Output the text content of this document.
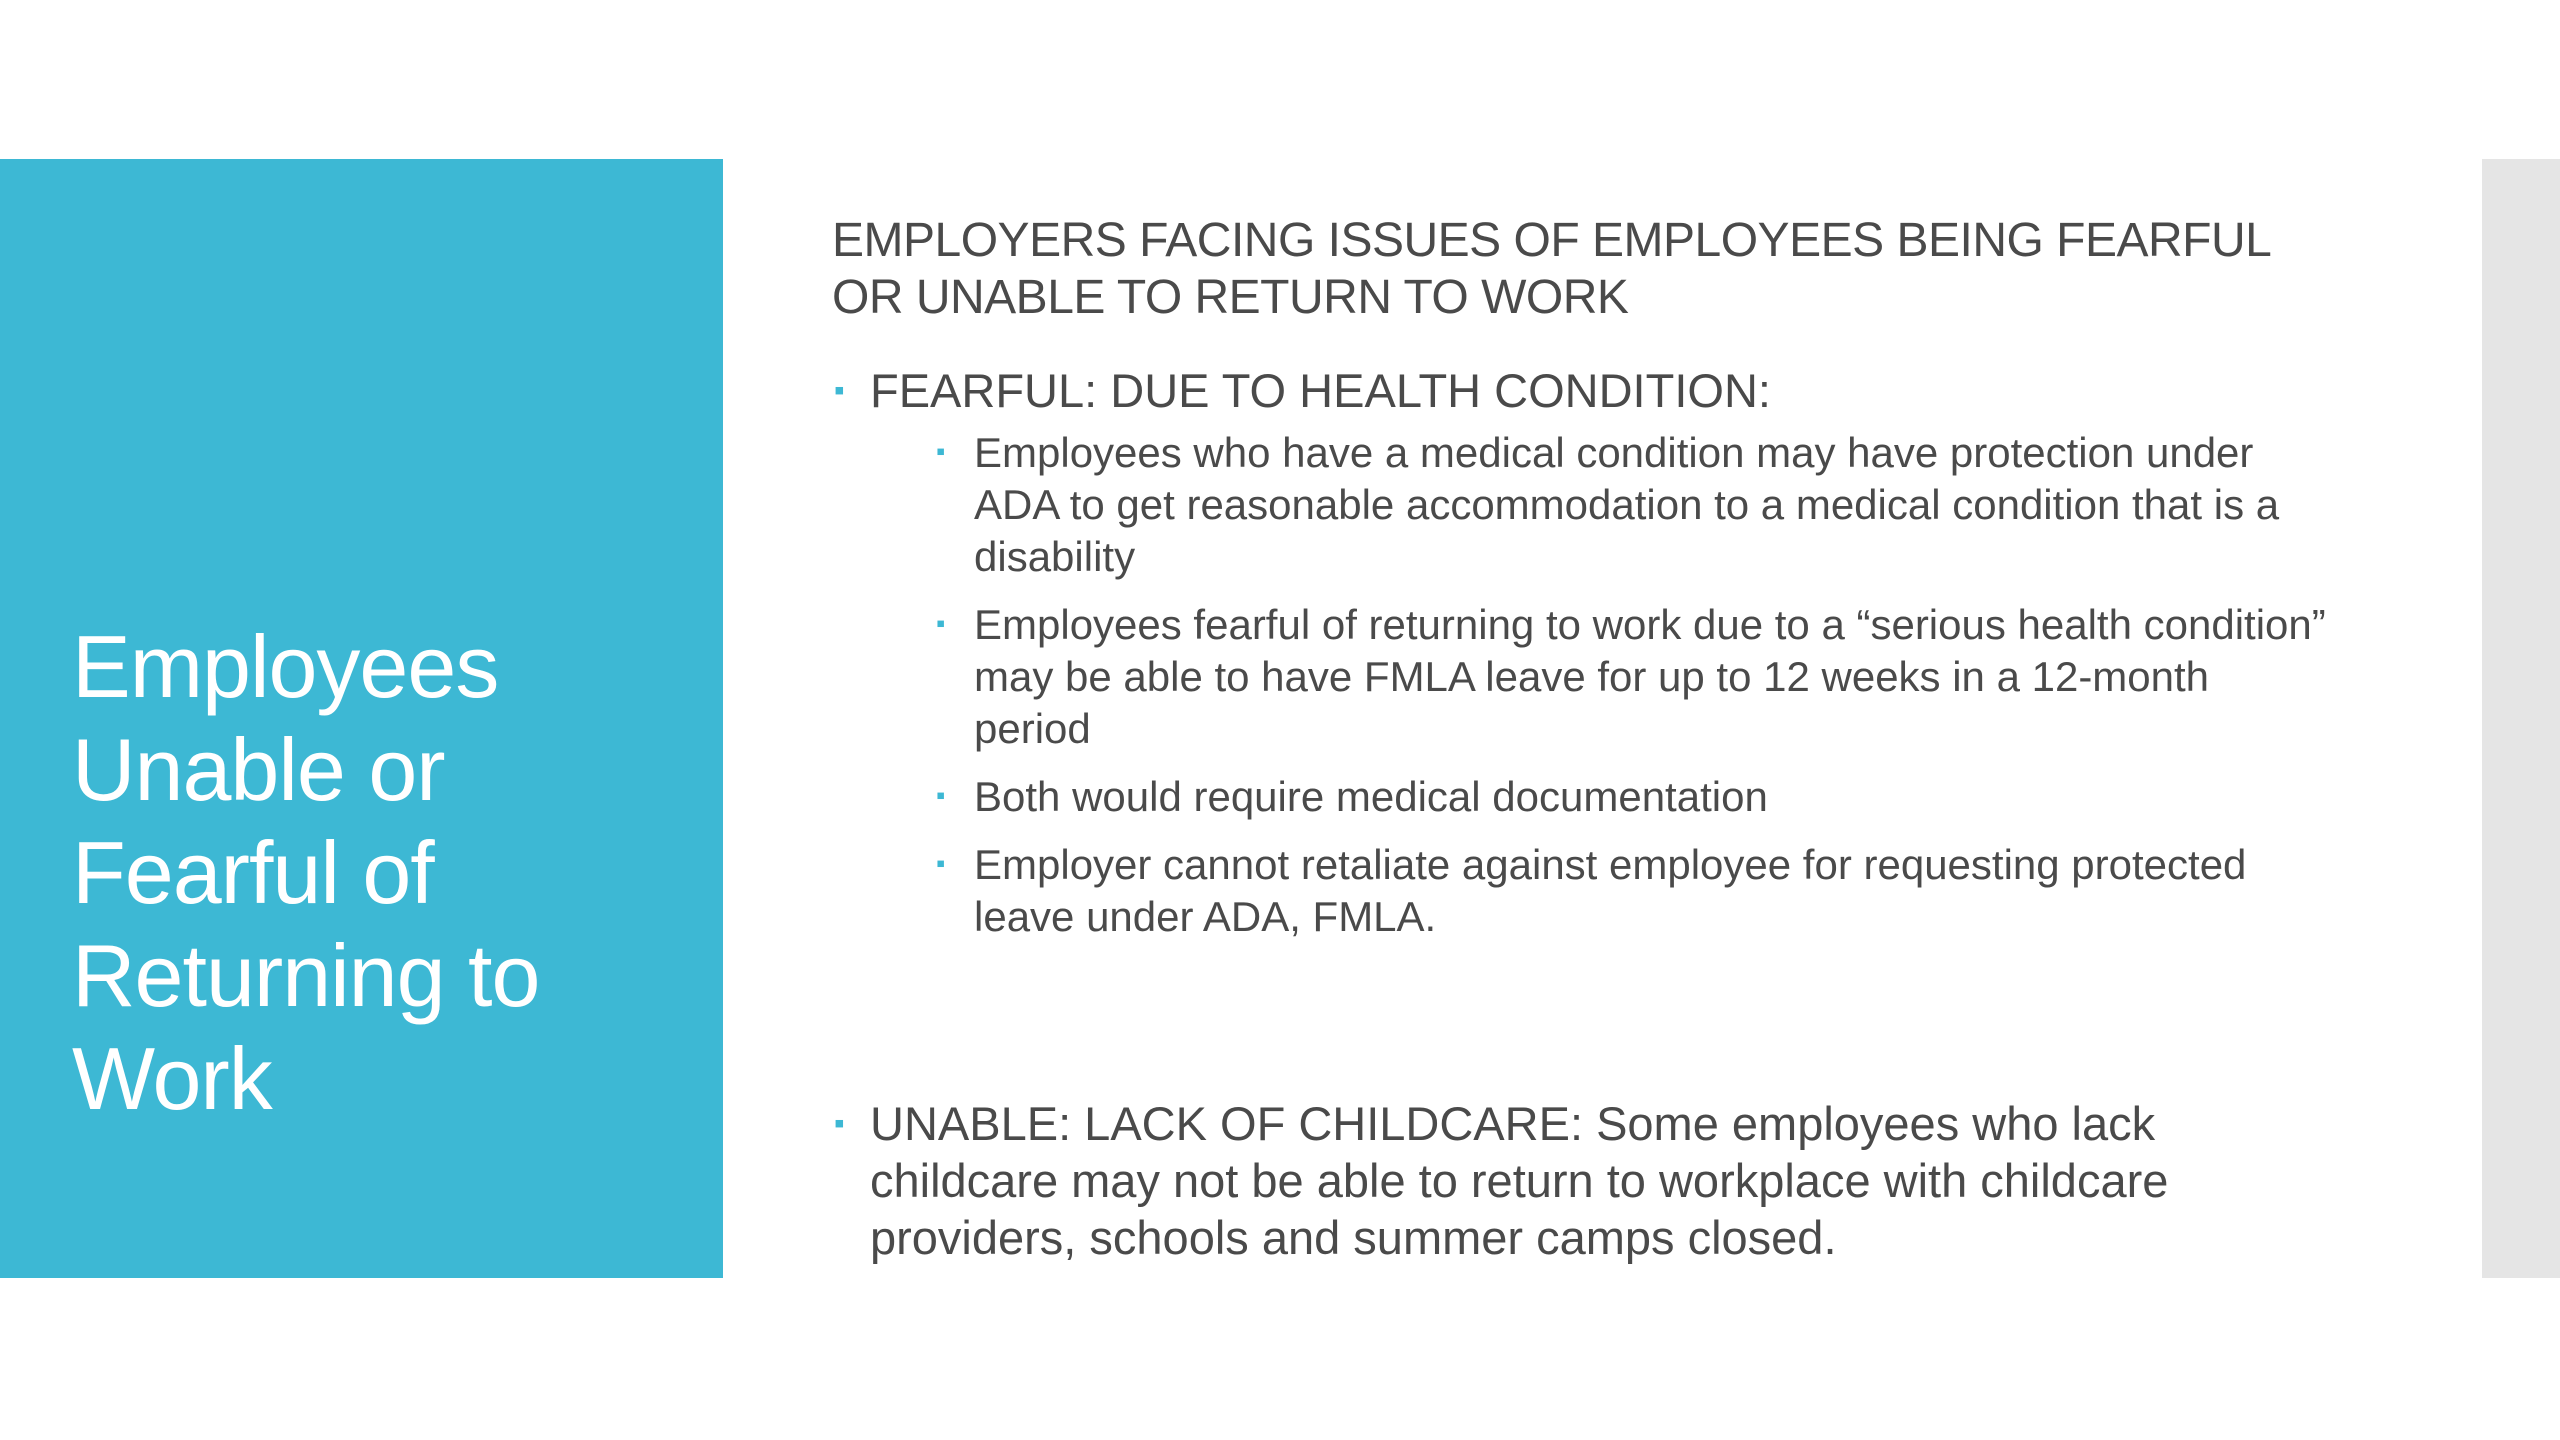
Employees Unable or Fearful of Returning to Work

EMPLOYERS FACING ISSUES OF EMPLOYEES BEING FEARFUL OR UNABLE TO RETURN TO WORK

▪ FEARFUL: DUE TO HEALTH CONDITION:
▪ Employees who have a medical condition may have protection under ADA to get reasonable accommodation to a medical condition that is a disability
▪ Employees fearful of returning to work due to a “serious health condition” may be able to have FMLA leave for up to 12 weeks in a 12-month period
▪ Both would require medical documentation
▪ Employer cannot retaliate against employee for requesting protected leave under ADA, FMLA.
▪ UNABLE: LACK OF CHILDCARE: Some employees who lack childcare may not be able to return to workplace with childcare providers, schools and summer camps closed.
